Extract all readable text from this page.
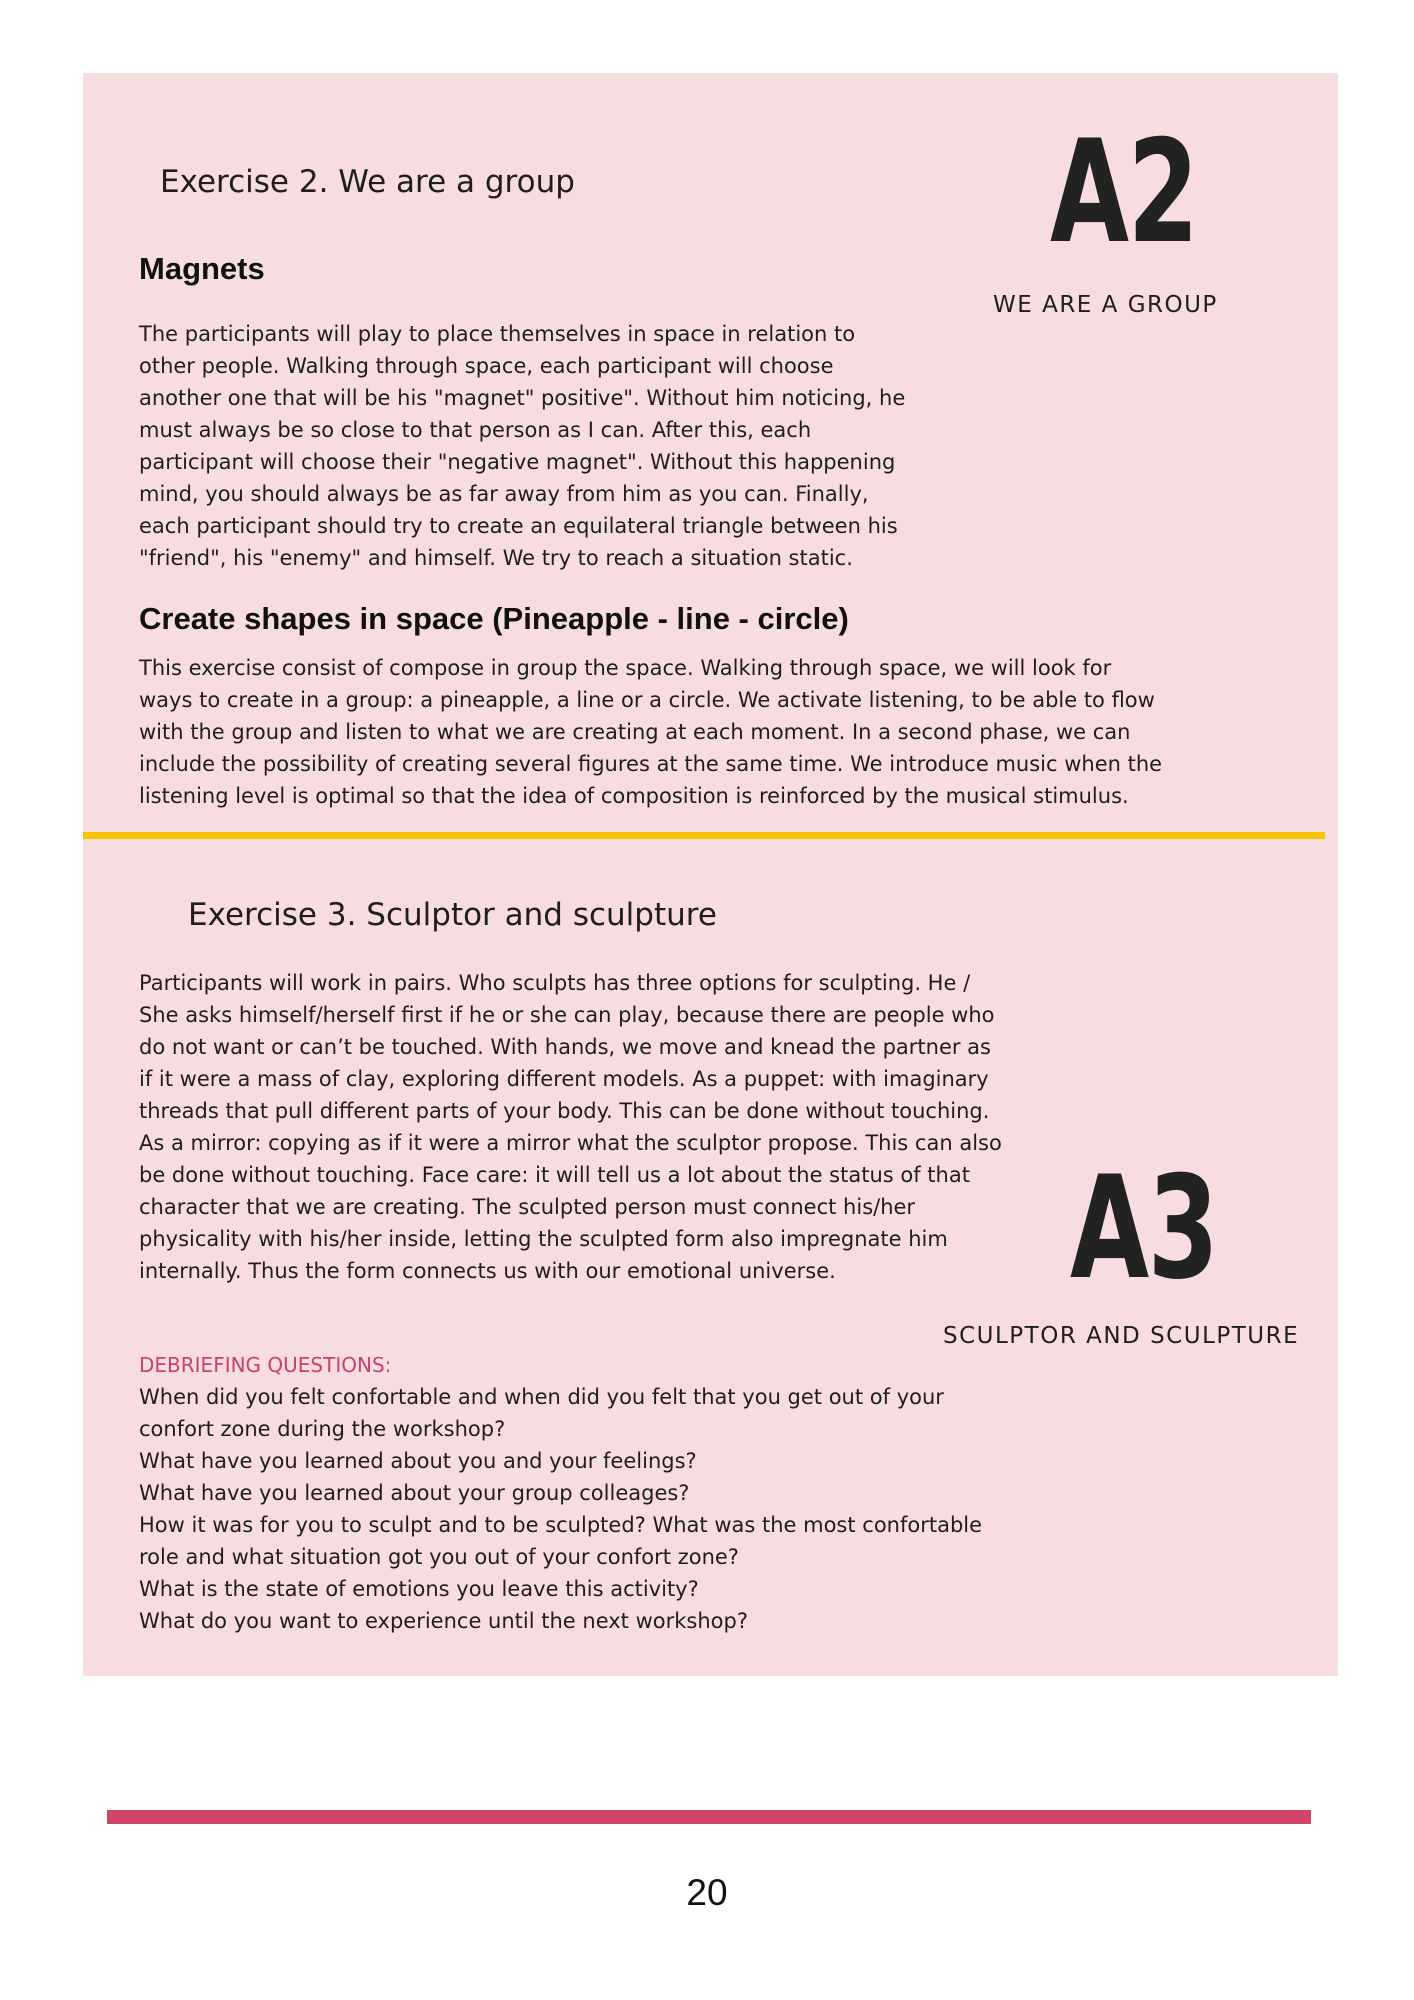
Exercise 2. We are a group	A2
WE ARE A GROUP
Magnets
The participants will play to place themselves in space in relation to
other people. Walking through space, each participant will choose
another one that will be his "magnet" positive". Without him noticing, he
must always be so close to that person as I can. After this, each
participant will choose their "negative magnet". Without this happening
mind, you should always be as far away from him as you can. Finally,
each participant should try to create an equilateral triangle between his
"friend", his "enemy" and himself. We try to reach a situation static.
Create shapes in space (Pineapple - line - circle)
This exercise consist of compose in group the space. Walking through space, we will look for
ways to create in a group: a pineapple, a line or a circle. We activate listening, to be able to flow
with the group and listen to what we are creating at each moment. In a second phase, we can
include the possibility of creating several figures at the same time. We introduce music when the
listening level is optimal so that the idea of composition is reinforced by the musical stimulus.
Exercise 3. Sculptor and sculpture
Participants will work in pairs. Who sculpts has three options for sculpting. He /
She asks himself/herself first if he or she can play, because there are people who
do not want or can’t be touched. With hands, we move and knead the partner as
if it were a mass of clay, exploring different models. As a puppet: with imaginary
threads that pull different parts of your body. This can be done without touching.
As a mirror: copying as if it were a mirror what the sculptor propose. This can also
be done without touching. Face care: it will tell us a lot about the status of that
character that we are creating. The sculpted person must connect his/her
physicality with his/her inside, letting the sculpted form also impregnate him
internally. Thus the form connects us with our emotional universe.	A3
SCULPTOR AND SCULPTURE
DEBRIEFING QUESTIONS:
When did you felt confortable and when did you felt that you get out of your
confort zone during the workshop?
What have you learned about you and your feelings?
What have you learned about your group colleages?
How it was for you to sculpt and to be sculpted? What was the most confortable
role and what situation got you out of your confort zone?
What is the state of emotions you leave this activity?
What do you want to experience until the next workshop?
20
